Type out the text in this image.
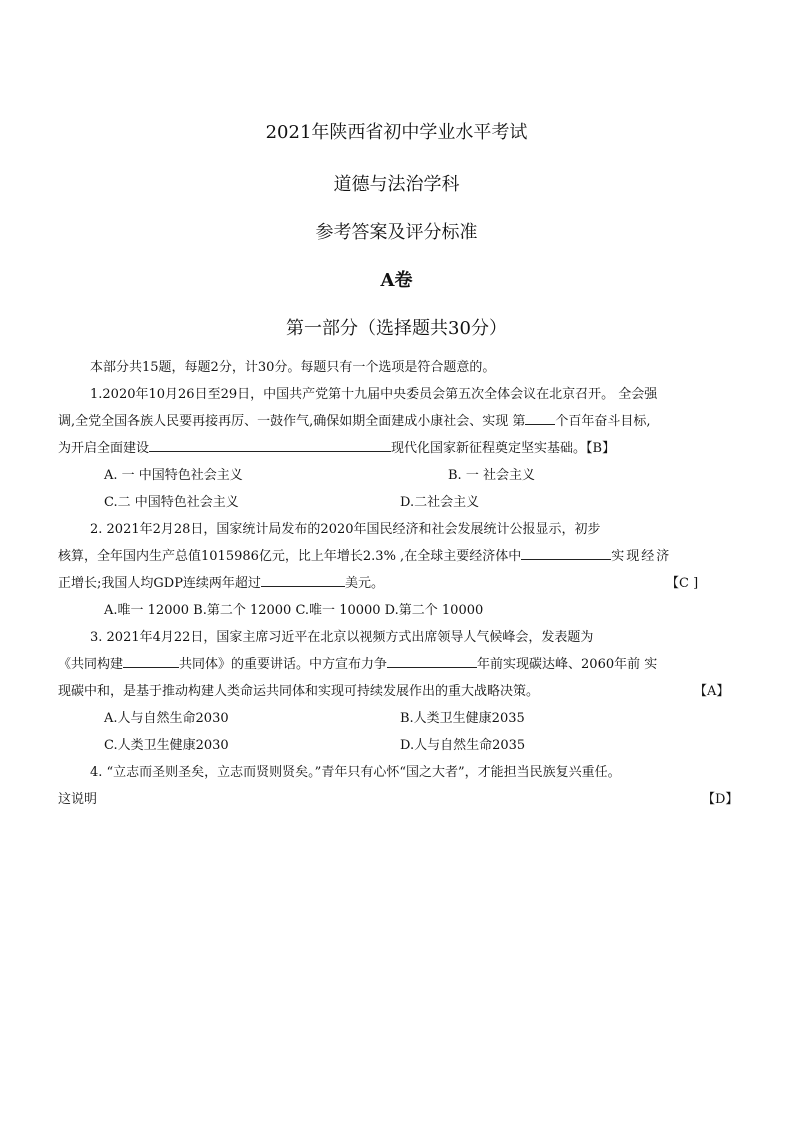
2021年陕西省初中学业水平考试
道德与法治学科
参考答案及评分标准
A卷
第一部分（选择题共30分）
本部分共15题，每题2分，计30分。每题只有一个选项是符合题意的。
1.2020年10月26日至29日，中国共产党第十九届中央委员会第五次全体会议在北京召开。 全会强
调,全党全国各族人民要再接再厉、一鼓作气,确保如期全面建成小康社会、实现 第 个百年奋斗目标,
为开启全面建设	现代化国家新征程奠定坚实基础。【B】
A. 一 中国特色社会主义	B. 一 社会主义
C.二 中国特色社会主义	D.二社会主义
2. 2021年2月28日，国家统计局发布的2020年国民经济和社会发展统计公报显示，初步
核算，全年国内生产总值1015986亿元，比上年增长2.3% ,在全球主要经济体中	实现经济
正增长;我国人均GDP连续两年超过	美元。	【C ]
A.唯一 12000 B.第二个 12000 C.唯一 10000 D.第二个 10000
3. 2021年4月22日，国家主席习近平在北京以视频方式出席领导人气候峰会，发表题为
《共同构建	共同体》的重要讲话。中方宣布力争	年前实现碳达峰、2060年前 实
现碳中和，是基于推动构建人类命运共同体和实现可持续发展作出的重大战略决策。	【A】
A.人与自然生命2030	B.人类卫生健康2035
C.人类卫生健康2030	D.人与自然生命2035
4. “立志而圣则圣矣，立志而贤则贤矣。”青年只有心怀“国之大者”，才能担当民族复兴重任。
这说明	【D】
